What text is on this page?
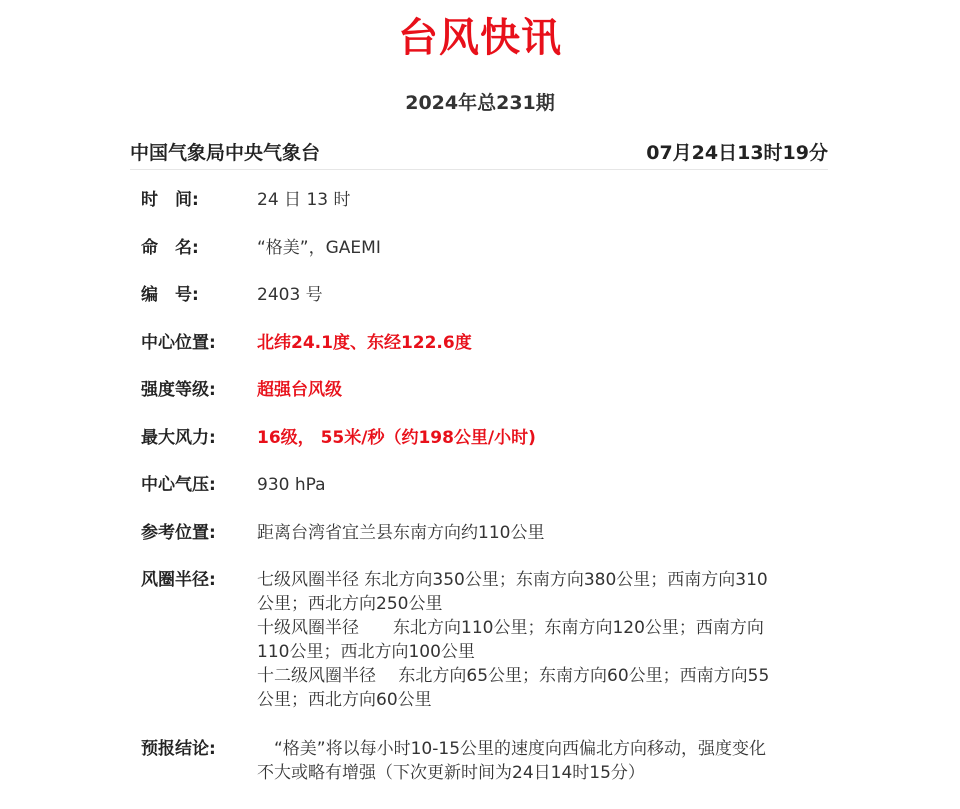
台风快讯
2024年总231期
中国气象局中央气象台	07月24日13时19分
时　间:	24 日 13 时
命　名:	“格美”，GAEMI
编　号:	2403 号
中心位置:	北纬24.1度、东经122.6度
强度等级:	超强台风级
最大风力:	16级， 55米/秒（约198公里/小时)
中心气压:	930 hPa
参考位置:	距离台湾省宜兰县东南方向约110公里
风圈半径:	七级风圈半径 东北方向350公里；东南方向380公里；西南方向310
公里；西北方向250公里
十级风圈半径　　东北方向110公里；东南方向120公里；西南方向
110公里；西北方向100公里
十二级风圈半径　 东北方向65公里；东南方向60公里；西南方向55
公里；西北方向60公里
预报结论:	　“格美”将以每小时10-15公里的速度向西偏北方向移动，强度变化
不大或略有增强（下次更新时间为24日14时15分）
